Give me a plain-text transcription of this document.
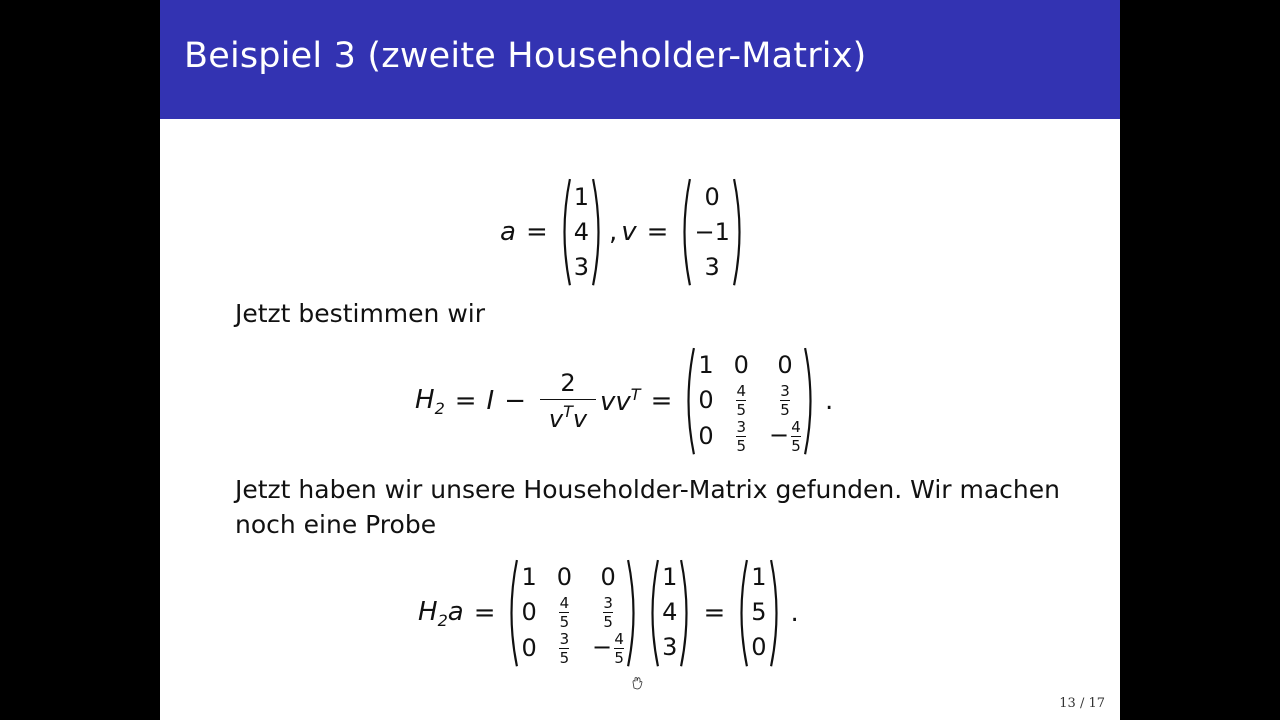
Beispiel 3 (zweite Householder-Matrix)
a =
1
4
3
, v =
0
−1
3
Jetzt bestimmen wir
$H_2 = I$ −
2
$v^Tv$
$vv^T$ =
1 0 0
$0 \frac{4}{5} \frac{3}{5}$
$0 \frac{3}{5} - \frac{4}{5}$
.
Jetzt haben wir unsere Householder-Matrix gefunden. Wir machen
noch eine Probe
$H_2a$ =
1 0 0
$0 \frac{4}{5} \frac{3}{5}$
$0 \frac{3}{5} - \frac{4}{5}$
1
4
3
=
1
5
0
.
13 / 17
